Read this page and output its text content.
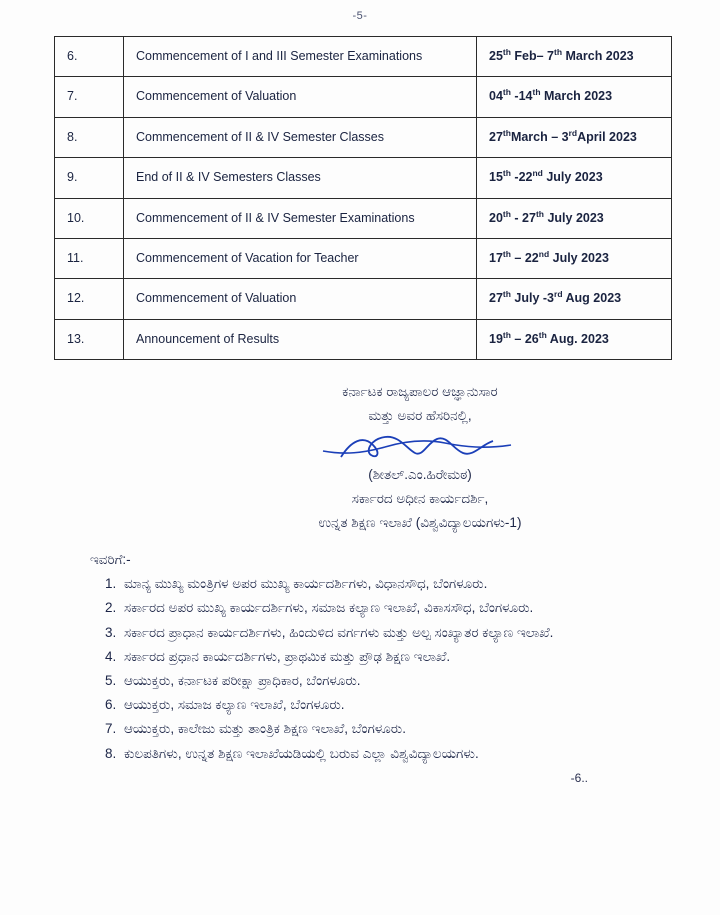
-5-
6.	Commencement of I and III Semester Examinations	25th Feb– 7th March 2023
7.	Commencement of Valuation	04th -14th March 2023
8.	Commencement of II & IV Semester Classes	27thMarch – 3rdApril 2023
9.	End of II & IV Semesters Classes	15th -22nd July 2023
10.	Commencement of II & IV Semester Examinations	20th - 27th July 2023
11.	Commencement of Vacation for Teacher	17th – 22nd July 2023
12.	Commencement of Valuation	27th July -3rd Aug 2023
13.	Announcement of Results	19th – 26th Aug. 2023
ಕರ್ನಾಟಕ ರಾಜ್ಯಪಾಲರ ಆಜ್ಞಾನುಸಾರ
ಮತ್ತು ಅವರ ಹೆಸರಿನಲ್ಲಿ,
(ಶೀತಲ್.ಎಂ.ಹಿರೇಮಠ)
ಸರ್ಕಾರದ ಅಧೀನ ಕಾರ್ಯದರ್ಶಿ,
ಉನ್ನತ ಶಿಕ್ಷಣ ಇಲಾಖೆ (ವಿಶ್ವವಿದ್ಯಾಲಯಗಳು-1)
ಇವರಿಗೆ:-
1. ಮಾನ್ಯ ಮುಖ್ಯ ಮಂತ್ರಿಗಳ ಅಪರ ಮುಖ್ಯ ಕಾರ್ಯದರ್ಶಿಗಳು, ವಿಧಾನಸೌಧ, ಬೆಂಗಳೂರು.
2. ಸರ್ಕಾರದ ಅಪರ ಮುಖ್ಯ ಕಾರ್ಯದರ್ಶಿಗಳು, ಸಮಾಜ ಕಲ್ಯಾಣ ಇಲಾಖೆ, ವಿಕಾಸಸೌಧ, ಬೆಂಗಳೂರು.
3. ಸರ್ಕಾರದ ಪ್ರಾಧಾನ ಕಾರ್ಯದರ್ಶಿಗಳು, ಹಿಂದುಳಿದ ವರ್ಗಗಳು ಮತ್ತು ಅಲ್ಪ ಸಂಖ್ಯಾತರ ಕಲ್ಯಾಣ ಇಲಾಖೆ.
4. ಸರ್ಕಾರದ ಪ್ರಧಾನ ಕಾರ್ಯದರ್ಶಿಗಳು, ಪ್ರಾಥಮಿಕ ಮತ್ತು ಪ್ರೌಢ ಶಿಕ್ಷಣ ಇಲಾಖೆ.
5. ಆಯುಕ್ತರು, ಕರ್ನಾಟಕ ಪರೀಕ್ಷಾ ಪ್ರಾಧಿಕಾರ, ಬೆಂಗಳೂರು.
6. ಆಯುಕ್ತರು, ಸಮಾಜ ಕಲ್ಯಾಣ ಇಲಾಖೆ, ಬೆಂಗಳೂರು.
7. ಆಯುಕ್ತರು, ಕಾಲೇಜು ಮತ್ತು ತಾಂತ್ರಿಕ ಶಿಕ್ಷಣ ಇಲಾಖೆ, ಬೆಂಗಳೂರು.
8. ಕುಲಪತಿಗಳು, ಉನ್ನತ ಶಿಕ್ಷಣ ಇಲಾಖೆಯಡಿಯಲ್ಲಿ ಬರುವ ಎಲ್ಲಾ ವಿಶ್ವವಿದ್ಯಾಲಯಗಳು.
-6..
